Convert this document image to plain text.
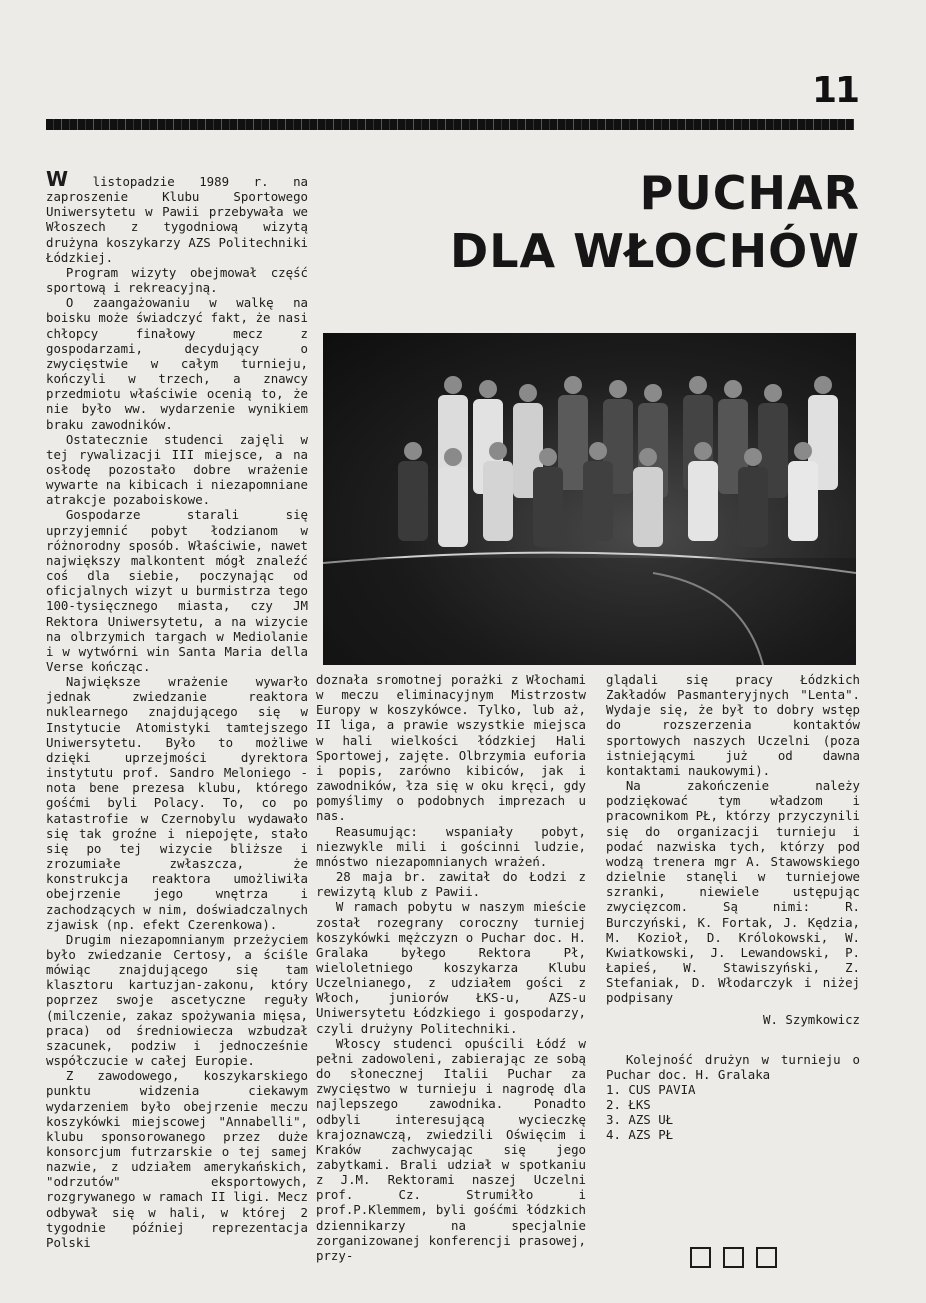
11
PUCHAR
DLA WŁOCHÓW

W listopadzie 1989 r. na zaproszenie Klubu Sportowego Uniwersytetu w Pawii przebywała we Włoszech z tygodniową wizytą drużyna koszykarzy AZS Politechniki Łódzkiej.

Program wizyty obejmował część sportową i rekreacyjną.

O zaangażowaniu w walkę na boisku może świadczyć fakt, że nasi chłopcy finałowy mecz z gospodarzami, decydujący o zwycięstwie w całym turnieju, kończyli w trzech, a znawcy przedmiotu właściwie ocenią to, że nie było ww. wydarzenie wynikiem braku zawodników.

Ostatecznie studenci zajęli w tej rywalizacji III miejsce, a na osłodę pozostało dobre wrażenie wywarte na kibicach i niezapomniane atrakcje pozaboiskowe.

Gospodarze starali się uprzyjemnić pobyt łodzianom w różnorodny sposób. Właściwie, nawet największy malkontent mógł znaleźć coś dla siebie, poczynając od oficjalnych wizyt u burmistrza tego 100-tysięcznego miasta, czy JM Rektora Uniwersytetu, a na wizycie na olbrzymich targach w Mediolanie i w wytwórni win Santa Maria della Verse kończąc.

Największe wrażenie wywarło jednak zwiedzanie reaktora nuklearnego znajdującego się w Instytucie Atomistyki tamtejszego Uniwersytetu. Było to możliwe dzięki uprzejmości dyrektora instytutu prof. Sandro Meloniego - nota bene prezesa klubu, którego gośćmi byli Polacy. To, co po katastrofie w Czernobylu wydawało się tak groźne i niepojęte, stało się po tej wizycie bliższe i zrozumiałe zwłaszcza, że konstrukcja reaktora umożliwiła obejrzenie jego wnętrza i zachodzących w nim, doświadczalnych zjawisk (np. efekt Czerenkowa).

Drugim niezapomnianym przeżyciem było zwiedzanie Certosy, a ściśle mówiąc znajdującego się tam klasztoru kartuzjan-zakonu, który poprzez swoje ascetyczne reguły (milczenie, zakaz spożywania mięsa, praca) od średniowiecza wzbudzał szacunek, podziw i jednocześnie współczucie w całej Europie.

Z zawodowego, koszykarskiego punktu widzenia ciekawym wydarzeniem było obejrzenie meczu koszykówki miejscowej "Annabelli", klubu sponsorowanego przez duże konsorcjum futrzarskie o tej samej nazwie, z udziałem amerykańskich, "odrzutów" eksportowych, rozgrywanego w ramach II ligi. Mecz odbywał się w hali, w której 2 tygodnie później reprezentacja Polski

doznała sromotnej porażki z Włochami w meczu eliminacyjnym Mistrzostw Europy w koszykówce. Tylko, lub aż, II liga, a prawie wszystkie miejsca w hali wielkości łódzkiej Hali Sportowej, zajęte. Olbrzymia euforia i popis, zarówno kibiców, jak i zawodników, łza się w oku kręci, gdy pomyślimy o podobnych imprezach u nas.

Reasumując: wspaniały pobyt, niezwykle mili i gościnni ludzie, mnóstwo niezapomnianych wrażeń.

28 maja br. zawitał do Łodzi z rewizytą klub z Pawii.

W ramach pobytu w naszym mieście został rozegrany coroczny turniej koszykówki mężczyzn o Puchar doc. H. Gralaka byłego Rektora Pł, wieloletniego koszykarza Klubu Uczelnianego, z udziałem gości z Włoch, juniorów ŁKS-u, AZS-u Uniwersytetu Łódzkiego i gospodarzy, czyli drużyny Politechniki.

Włoscy studenci opuścili Łódź w pełni zadowoleni, zabierając ze sobą do słonecznej Italii Puchar za zwycięstwo w turnieju i nagrodę dla najlepszego zawodnika. Ponadto odbyli interesującą wycieczkę krajoznawczą, zwiedzili Oświęcim i Kraków zachwycając się jego zabytkami. Brali udział w spotkaniu z J.M. Rektorami naszej Uczelni prof. Cz. Strumiłło i prof.P.Klemmem, byli gośćmi łódzkich dziennikarzy na specjalnie zorganizowanej konferencji prasowej, przy-

glądali się pracy Łódzkich Zakładów Pasmanteryjnych "Lenta". Wydaje się, że był to dobry wstęp do rozszerzenia kontaktów sportowych naszych Uczelni (poza istniejącymi już od dawna kontaktami naukowymi).

Na zakończenie należy podziękować tym władzom i pracownikom PŁ, którzy przyczynili się do organizacji turnieju i podać nazwiska tych, którzy pod wodzą trenera mgr A. Stawowskiego dzielnie stanęli w turniejowe szranki, niewiele ustępując zwycięzcom. Są nimi: R. Burczyński, K. Fortak, J. Kędzia, M. Kozioł, D. Królokowski, W. Kwiatkowski, J. Lewandowski, P. Łapieś, W. Stawiszyński, Z. Stefaniak, D. Włodarczyk i niżej podpisany

W. Szymkowicz

Kolejność drużyn w turnieju o Puchar doc. H. Gralaka

1. CUS PAVIA
2. ŁKS
3. AZS UŁ
4. AZS PŁ
